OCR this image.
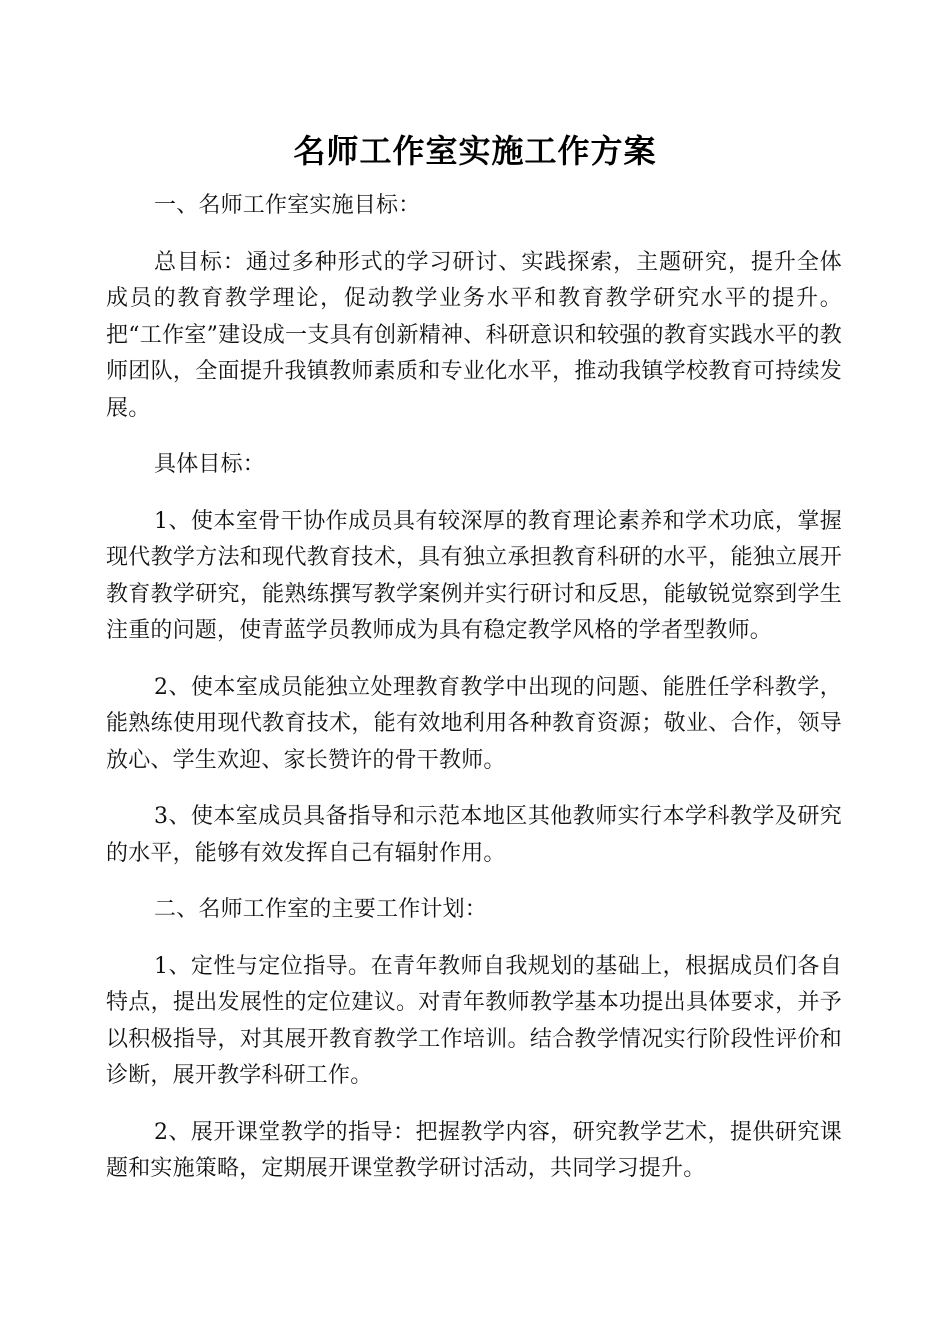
名师工作室实施工作方案

一、名师工作室实施目标：

总目标：通过多种形式的学习研讨、实践探索，主题研究，提升全体成员的教育教学理论，促动教学业务水平和教育教学研究水平的提升。把“工作室”建设成一支具有创新精神、科研意识和较强的教育实践水平的教师团队，全面提升我镇教师素质和专业化水平，推动我镇学校教育可持续发展。

具体目标：

1、使本室骨干协作成员具有较深厚的教育理论素养和学术功底，掌握现代教学方法和现代教育技术，具有独立承担教育科研的水平，能独立展开教育教学研究，能熟练撰写教学案例并实行研讨和反思，能敏锐觉察到学生注重的问题，使青蓝学员教师成为具有稳定教学风格的学者型教师。

2、使本室成员能独立处理教育教学中出现的问题、能胜任学科教学，能熟练使用现代教育技术，能有效地利用各种教育资源；敬业、合作，领导放心、学生欢迎、家长赞许的骨干教师。

3、使本室成员具备指导和示范本地区其他教师实行本学科教学及研究的水平，能够有效发挥自己有辐射作用。

二、名师工作室的主要工作计划：

1、定性与定位指导。在青年教师自我规划的基础上，根据成员们各自特点，提出发展性的定位建议。对青年教师教学基本功提出具体要求，并予以积极指导，对其展开教育教学工作培训。结合教学情况实行阶段性评价和诊断，展开教学科研工作。

2、展开课堂教学的指导：把握教学内容，研究教学艺术，提供研究课题和实施策略，定期展开课堂教学研讨活动，共同学习提升。
